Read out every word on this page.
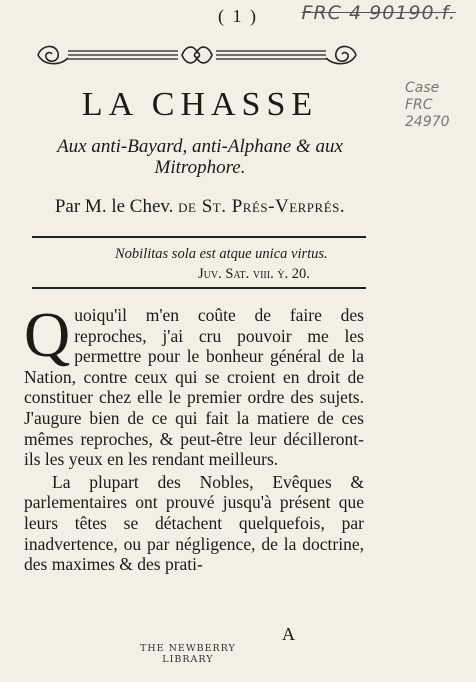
( 1 )	FRC 4 90190.f.
Case
FRC
24970
LA CHASSE
Aux anti-Bayard, anti-Alphane & aux Mitrophore.
Par M. le Chev. de St. Prés-Verprés.
Nobilitas sola est atque unica virtus.
Juv. Sat. viii. ỳ. 20.
Q uoiqu'il m'en coûte de faire des reproches, j'ai cru pouvoir me les permettre pour le bonheur général de la Nation, contre ceux qui se croient en droit de constituer chez elle le premier ordre des sujets. J'augure bien de ce qui fait la matiere de ces mêmes reproches, & peut-être leur décilleront-ils les yeux en les rendant meilleurs.

La plupart des Nobles, Evêques & parlementaires ont prouvé jusqu'à présent que leurs têtes se détachent quelquefois, par inadvertence, ou par négligence, de la doctrine, des maximes & des prati-

A
THE NEWBERRY
LIBRARY
